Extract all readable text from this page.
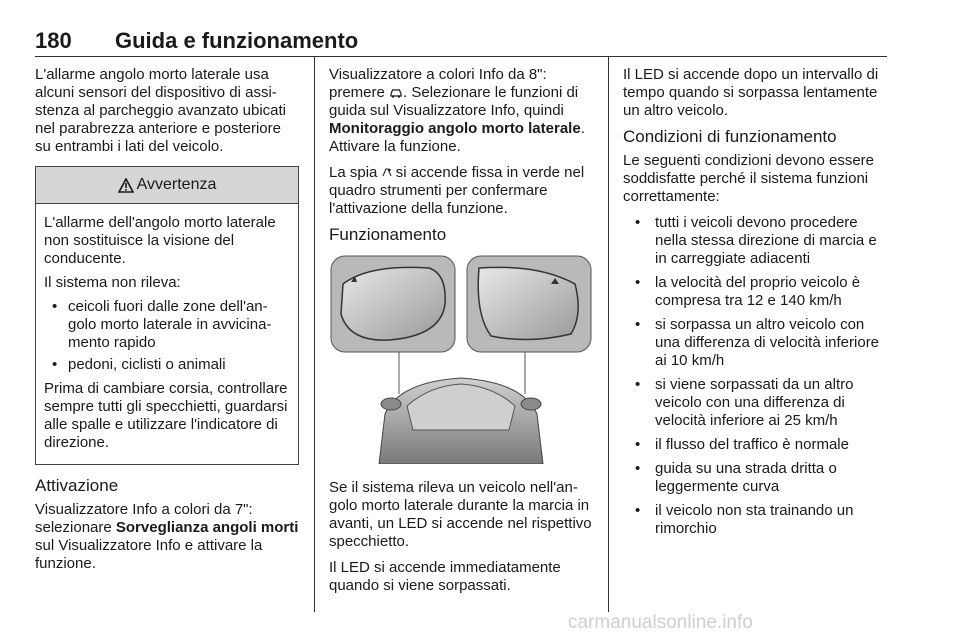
180 Guida e funzionamento

L'allarme angolo morto laterale usa alcuni sensori del dispositivo di assistenza al parcheggio avanzato ubicati nel parabrezza anteriore e posteriore su entrambi i lati del veicolo.

Avvertenza

L'allarme dell'angolo morto laterale non sostituisce la visione del conducente.

Il sistema non rileva:

• ceicoli fuori dalle zone dell'angolo morto laterale in avvicinamento rapido
• pedoni, ciclisti o animali

Prima di cambiare corsia, controllare sempre tutti gli specchietti, guardarsi alle spalle e utilizzare l'indicatore di direzione.

Attivazione

Visualizzatore Info a colori da 7": selezionare Sorveglianza angoli morti sul Visualizzatore Info e attivare la funzione.

Visualizzatore a colori Info da 8": premere . Selezionare le funzioni di guida sul Visualizzatore Info, quindi Monitoraggio angolo morto laterale. Attivare la funzione.

La spia  si accende fissa in verde nel quadro strumenti per confermare l'attivazione della funzione.

Funzionamento

Se il sistema rileva un veicolo nell'angolo morto laterale durante la marcia in avanti, un LED si accende nel rispettivo specchietto.

Il LED si accende immediatamente quando si viene sorpassati.

Il LED si accende dopo un intervallo di tempo quando si sorpassa lentamente un altro veicolo.

Condizioni di funzionamento

Le seguenti condizioni devono essere soddisfatte perché il sistema funzioni correttamente:

• tutti i veicoli devono procedere nella stessa direzione di marcia e in carreggiate adiacenti
• la velocità del proprio veicolo è compresa tra 12 e 140 km/h
• si sorpassa un altro veicolo con una differenza di velocità inferiore ai 10 km/h
• si viene sorpassati da un altro veicolo con una differenza di velocità inferiore ai 25 km/h
• il flusso del traffico è normale
• guida su una strada dritta o leggermente curva
• il veicolo non sta trainando un rimorchio
carmanualsonline.info
